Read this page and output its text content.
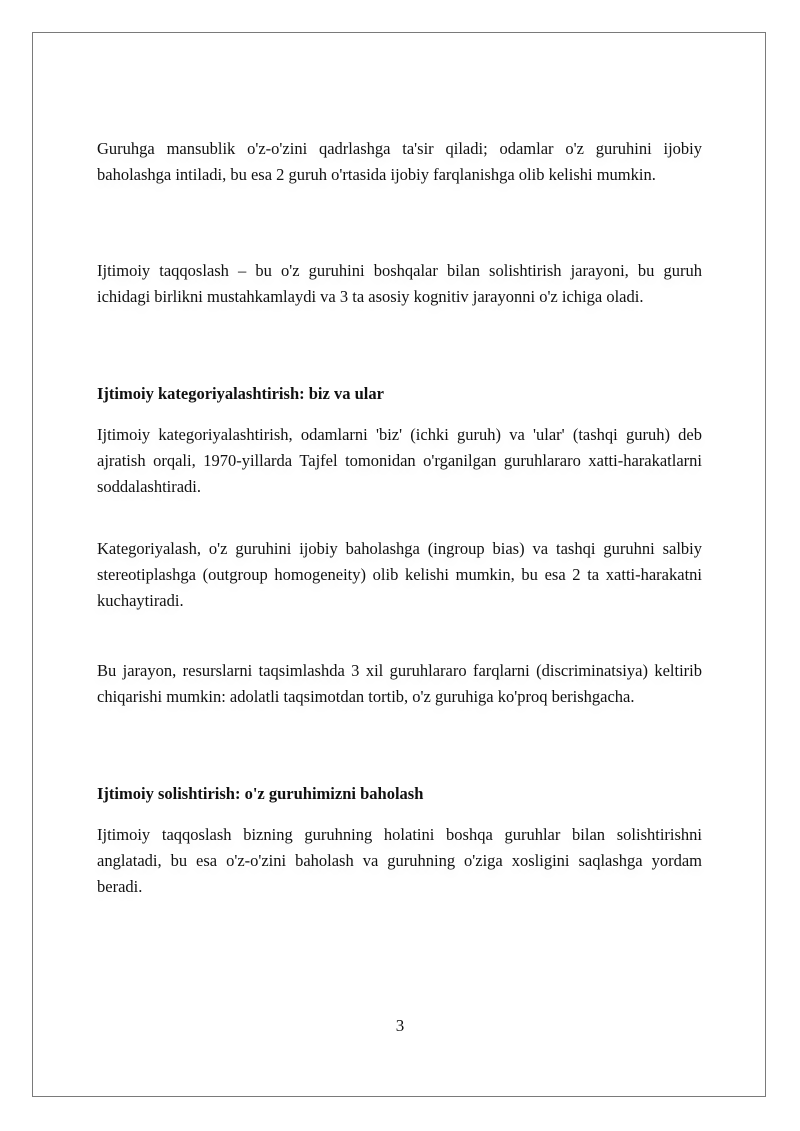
Guruhga mansublik o'z-o'zini qadrlashga ta'sir qiladi; odamlar o'z guruhini ijobiy baholashga intiladi, bu esa 2 guruh o'rtasida ijobiy farqlanishga olib kelishi mumkin.

Ijtimoiy taqqoslash – bu o'z guruhini boshqalar bilan solishtirish jarayoni, bu guruh ichidagi birlikni mustahkamlaydi va 3 ta asosiy kognitiv jarayonni o'z ichiga oladi.

Ijtimoiy kategoriyalashtirish: biz va ular

Ijtimoiy kategoriyalashtirish, odamlarni 'biz' (ichki guruh) va 'ular' (tashqi guruh) deb ajratish orqali, 1970-yillarda Tajfel tomonidan o'rganilgan guruhlararo xatti-harakatlarni soddalashtiradi.

Kategoriyalash, o'z guruhini ijobiy baholashga (ingroup bias) va tashqi guruhni salbiy stereotiplashga (outgroup homogeneity) olib kelishi mumkin, bu esa 2 ta xatti-harakatni kuchaytiradi.

Bu jarayon, resurslarni taqsimlashda 3 xil guruhlararo farqlarni (discriminatsiya) keltirib chiqarishi mumkin: adolatli taqsimotdan tortib, o'z guruhiga ko'proq berishgacha.

Ijtimoiy solishtirish: o'z guruhimizni baholash

Ijtimoiy taqqoslash bizning guruhning holatini boshqa guruhlar bilan solishtirishni anglatadi, bu esa o'z-o'zini baholash va guruhning o'ziga xosligini saqlashga yordam beradi.

3
